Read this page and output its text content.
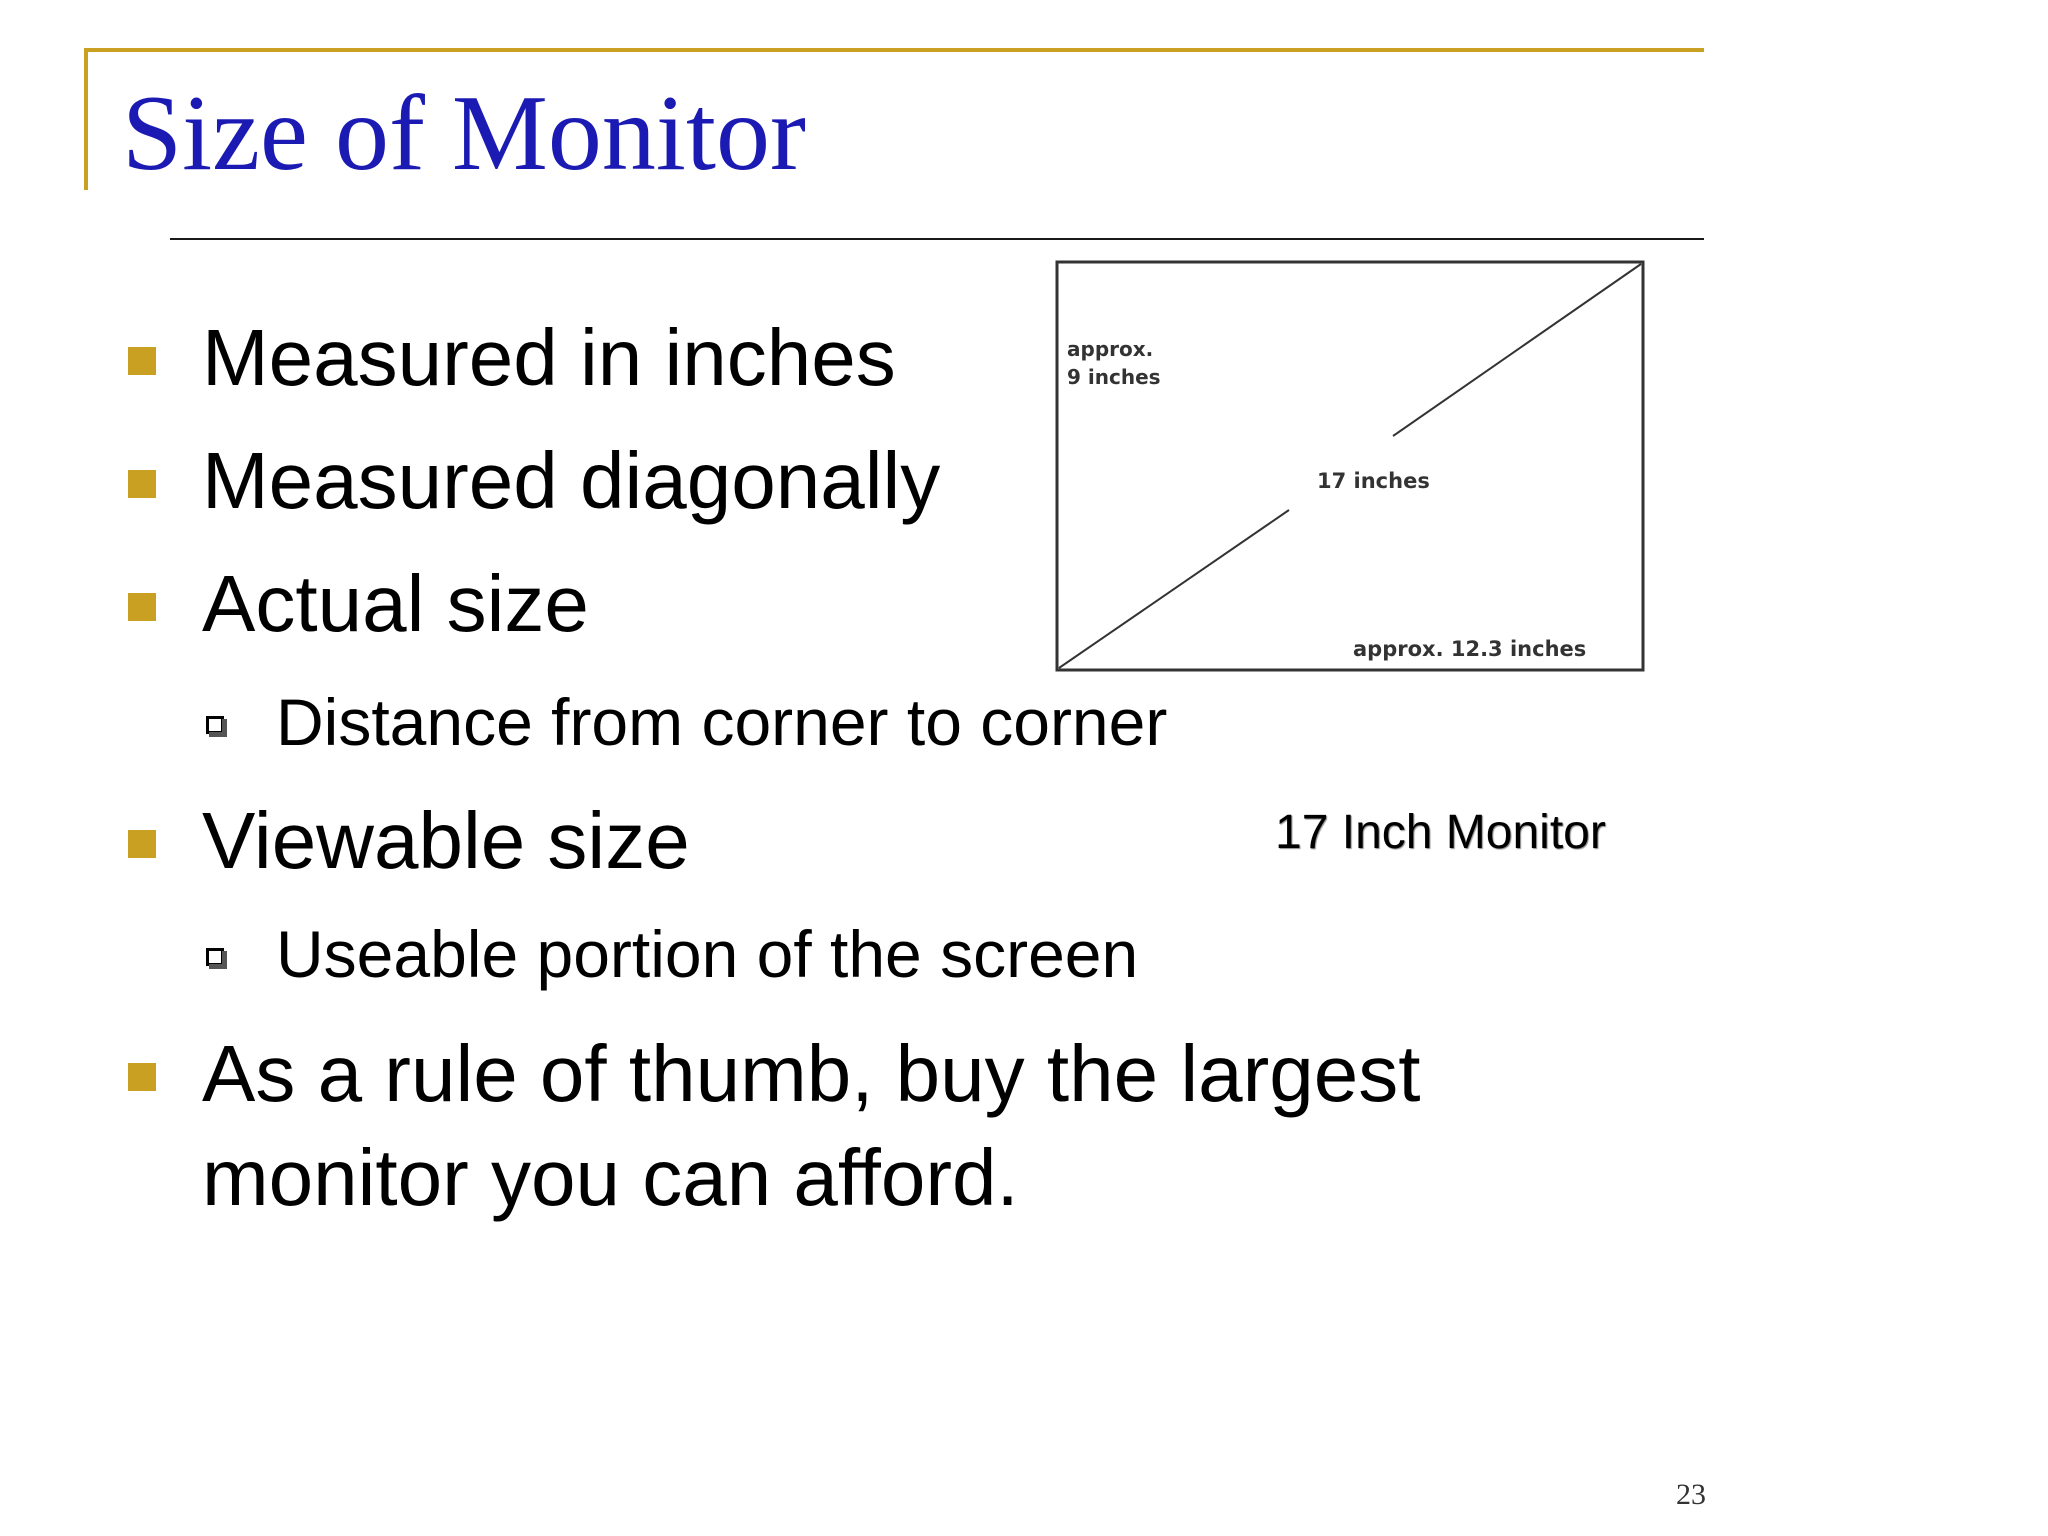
Size of Monitor
Measured in inches
Measured diagonally
Actual size
Distance from corner to corner
Viewable size
Useable portion of the screen
As a rule of thumb, buy the largest
monitor you can afford.
approx.
9 inches
17 inches
approx. 12.3 inches
17 Inch Monitor
23
